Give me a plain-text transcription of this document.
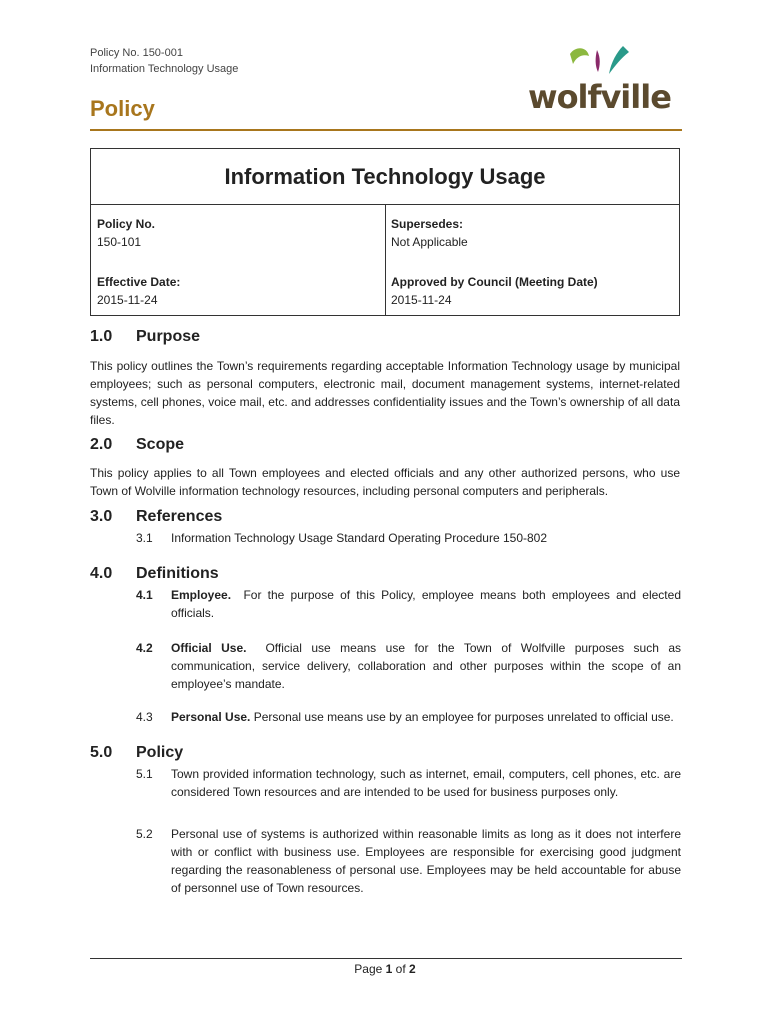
Policy No. 150-001
Information Technology Usage
Policy	wolfville
Information Technology Usage
Policy No.
150-101
Supersedes:
Not Applicable
Effective Date:
2015-11-24
Approved by Council (Meeting Date)
2015-11-24
1.0 Purpose
This policy outlines the Town’s requirements regarding acceptable Information Technology usage by municipal employees; such as personal computers, electronic mail, document management systems, internet-related systems, cell phones, voice mail, etc. and addresses confidentiality issues and the Town’s ownership of all data files.
2.0 Scope
This policy applies to all Town employees and elected officials and any other authorized persons, who use Town of Wolville information technology resources, including personal computers and peripherals.
3.0 References
3.1 Information Technology Usage Standard Operating Procedure 150-802
4.0 Definitions
4.1 Employee. For the purpose of this Policy, employee means both employees and elected officials.
4.2 Official Use. Official use means use for the Town of Wolfville purposes such as communication, service delivery, collaboration and other purposes within the scope of an employee’s mandate.
4.3 Personal Use. Personal use means use by an employee for purposes unrelated to official use.
5.0 Policy
5.1 Town provided information technology, such as internet, email, computers, cell phones, etc. are considered Town resources and are intended to be used for business purposes only.
5.2 Personal use of systems is authorized within reasonable limits as long as it does not interfere with or conflict with business use. Employees are responsible for exercising good judgment regarding the reasonableness of personal use. Employees may be held accountable for abuse of personnel use of Town resources.
Page 1 of 2
